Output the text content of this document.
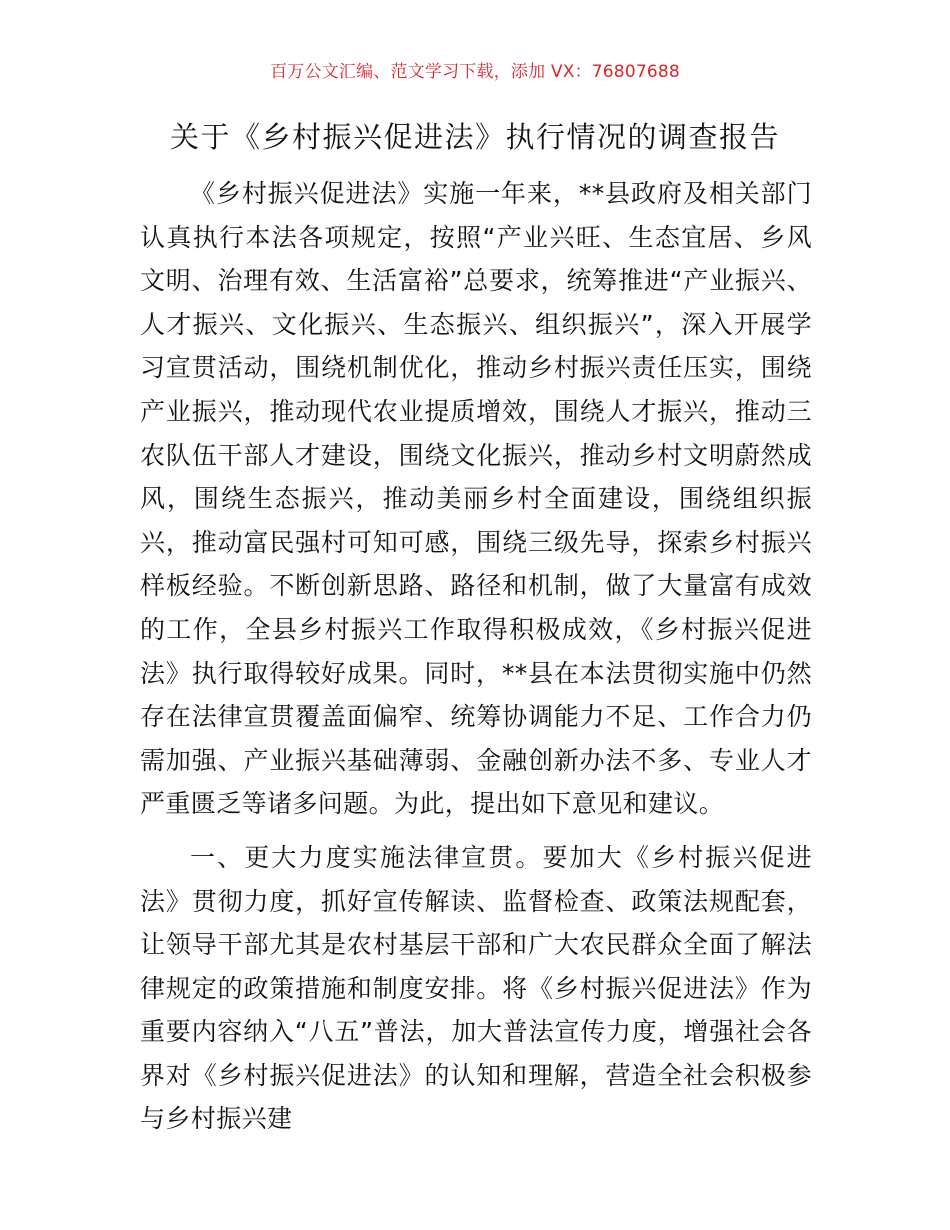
百万公文汇编、范文学习下载，添加 VX：76807688
关于《乡村振兴促进法》执行情况的调查报告

《乡村振兴促进法》实施一年来，**县政府及相关部门认真执行本法各项规定，按照“产业兴旺、生态宜居、乡风文明、治理有效、生活富裕”总要求，统筹推进“产业振兴、人才振兴、文化振兴、生态振兴、组织振兴”，深入开展学习宣贯活动，围绕机制优化，推动乡村振兴责任压实，围绕产业振兴，推动现代农业提质增效，围绕人才振兴，推动三农队伍干部人才建设，围绕文化振兴，推动乡村文明蔚然成风，围绕生态振兴，推动美丽乡村全面建设，围绕组织振兴，推动富民强村可知可感，围绕三级先导，探索乡村振兴样板经验。不断创新思路、路径和机制，做了大量富有成效的工作，全县乡村振兴工作取得积极成效，《乡村振兴促进法》执行取得较好成果。同时，**县在本法贯彻实施中仍然存在法律宣贯覆盖面偏窄、统筹协调能力不足、工作合力仍需加强、产业振兴基础薄弱、金融创新办法不多、专业人才严重匮乏等诸多问题。为此，提出如下意见和建议。

一、更大力度实施法律宣贯。要加大《乡村振兴促进法》贯彻力度，抓好宣传解读、监督检查、政策法规配套，让领导干部尤其是农村基层干部和广大农民群众全面了解法律规定的政策措施和制度安排。将《乡村振兴促进法》作为重要内容纳入“八五”普法，加大普法宣传力度，增强社会各界对《乡村振兴促进法》的认知和理解，营造全社会积极参与乡村振兴建
